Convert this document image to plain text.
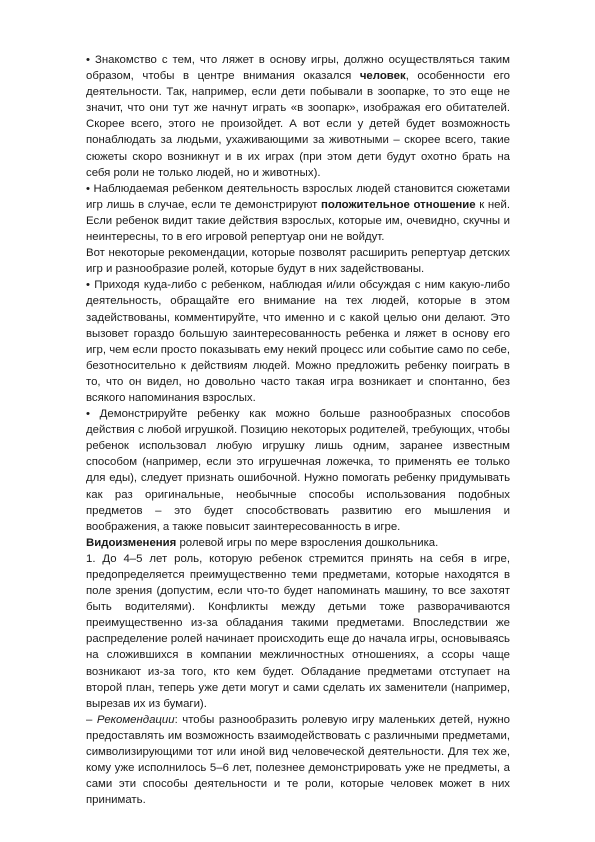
• Знакомство с тем, что ляжет в основу игры, должно осуществляться таким образом, чтобы в центре внимания оказался человек, особенности его деятельности. Так, например, если дети побывали в зоопарке, то это еще не значит, что они тут же начнут играть «в зоопарк», изображая его обитателей. Скорее всего, этого не произойдет. А вот если у детей будет возможность понаблюдать за людьми, ухаживающими за животными – скорее всего, такие сюжеты скоро возникнут и в их играх (при этом дети будут охотно брать на себя роли не только людей, но и животных).

• Наблюдаемая ребенком деятельность взрослых людей становится сюжетами игр лишь в случае, если те демонстрируют положительное отношение к ней. Если ребенок видит такие действия взрослых, которые им, очевидно, скучны и неинтересны, то в его игровой репертуар они не войдут.

Вот некоторые рекомендации, которые позволят расширить репертуар детских игр и разнообразие ролей, которые будут в них задействованы.

• Приходя куда-либо с ребенком, наблюдая и/или обсуждая с ним какую-либо деятельность, обращайте его внимание на тех людей, которые в этом задействованы, комментируйте, что именно и с какой целью они делают. Это вызовет гораздо большую заинтересованность ребенка и ляжет в основу его игр, чем если просто показывать ему некий процесс или событие само по себе, безотносительно к действиям людей. Можно предложить ребенку поиграть в то, что он видел, но довольно часто такая игра возникает и спонтанно, без всякого напоминания взрослых.

• Демонстрируйте ребенку как можно больше разнообразных способов действия с любой игрушкой. Позицию некоторых родителей, требующих, чтобы ребенок использовал любую игрушку лишь одним, заранее известным способом (например, если это игрушечная ложечка, то применять ее только для еды), следует признать ошибочной. Нужно помогать ребенку придумывать как раз оригинальные, необычные способы использования подобных предметов – это будет способствовать развитию его мышления и воображения, а также повысит заинтересованность в игре.

Видоизменения ролевой игры по мере взросления дошкольника.

1. До 4–5 лет роль, которую ребенок стремится принять на себя в игре, предопределяется преимущественно теми предметами, которые находятся в поле зрения (допустим, если что-то будет напоминать машину, то все захотят быть водителями). Конфликты между детьми тоже разворачиваются преимущественно из-за обладания такими предметами. Впоследствии же распределение ролей начинает происходить еще до начала игры, основываясь на сложившихся в компании межличностных отношениях, а ссоры чаще возникают из-за того, кто кем будет. Обладание предметами отступает на второй план, теперь уже дети могут и сами сделать их заменители (например, вырезав их из бумаги).

– Рекомендации: чтобы разнообразить ролевую игру маленьких детей, нужно предоставлять им возможность взаимодействовать с различными предметами, символизирующими тот или иной вид человеческой деятельности. Для тех же, кому уже исполнилось 5–6 лет, полезнее демонстрировать уже не предметы, а сами эти способы деятельности и те роли, которые человек может в них принимать.
